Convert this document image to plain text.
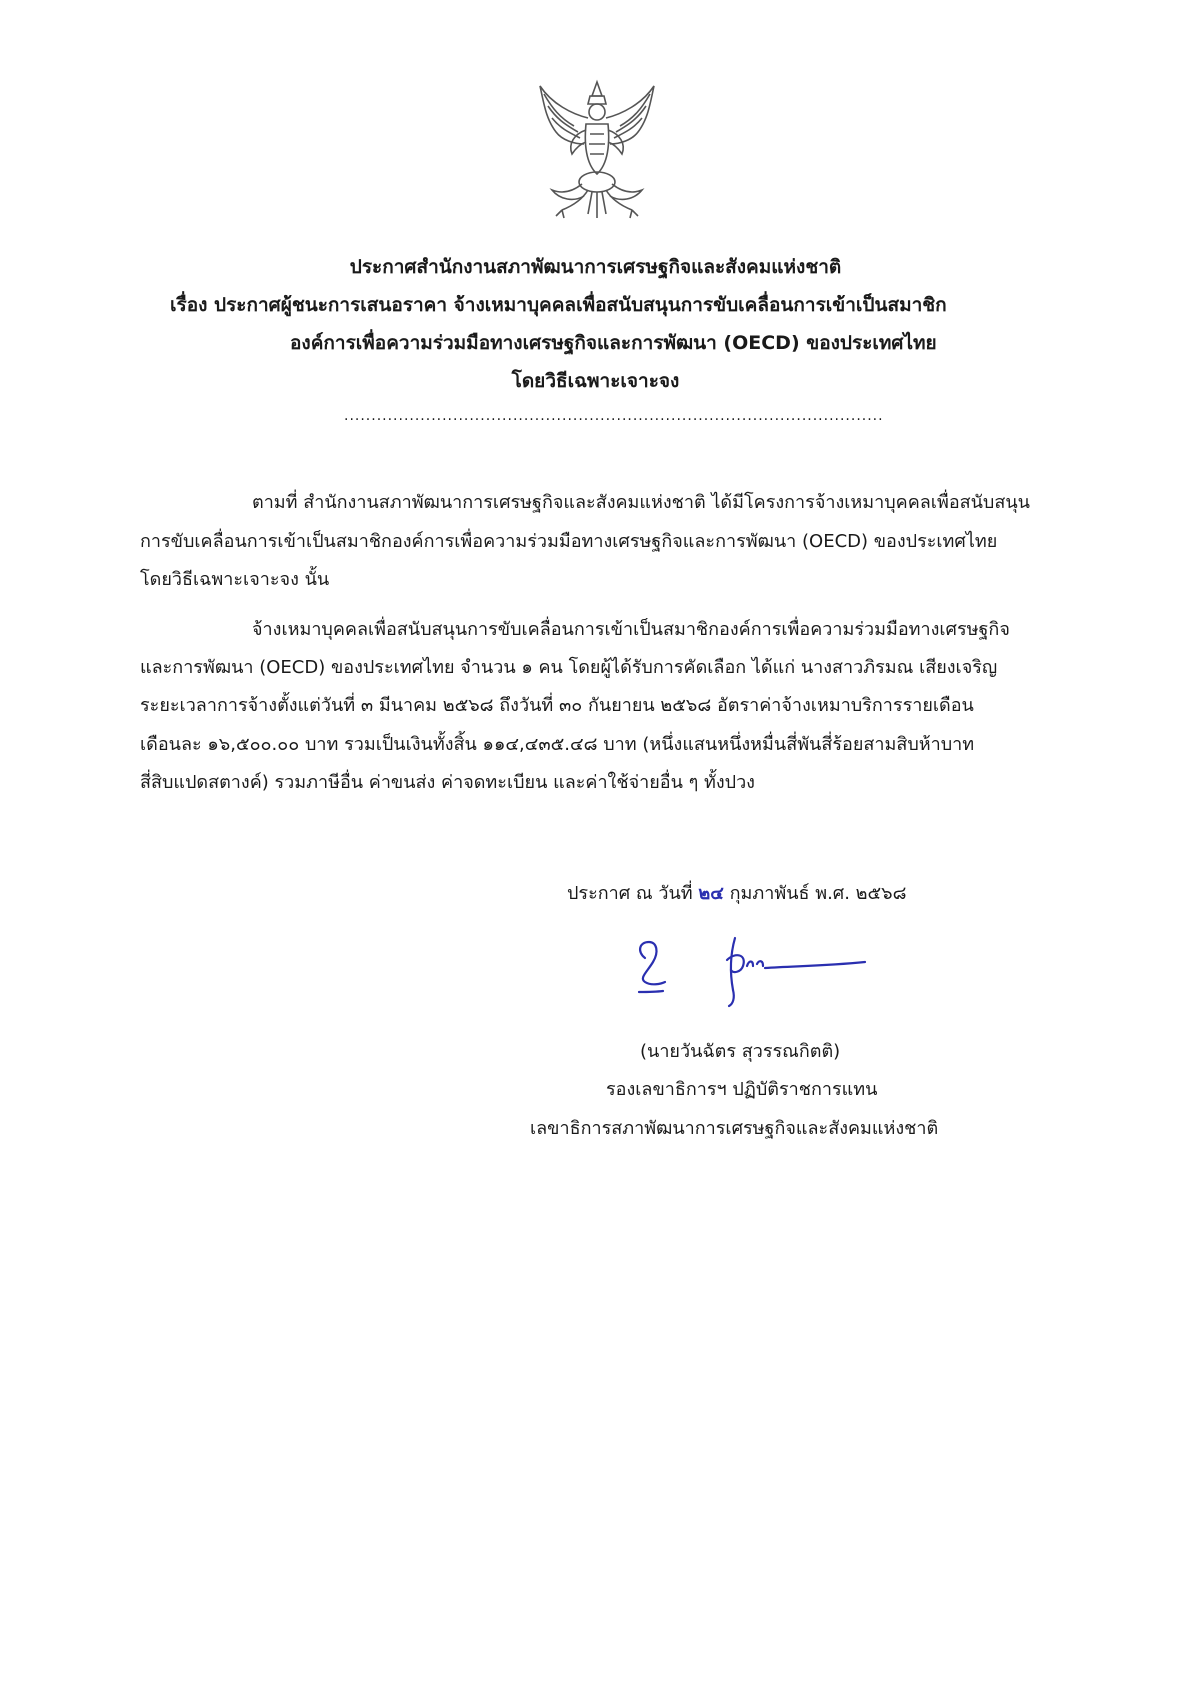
ประกาศสำนักงานสภาพัฒนาการเศรษฐกิจและสังคมแห่งชาติ
เรื่อง ประกาศผู้ชนะการเสนอราคา จ้างเหมาบุคคลเพื่อสนับสนุนการขับเคลื่อนการเข้าเป็นสมาชิก
องค์การเพื่อความร่วมมือทางเศรษฐกิจและการพัฒนา (OECD) ของประเทศไทย
โดยวิธีเฉพาะเจาะจง
...................................................................................................
ตามที่ สำนักงานสภาพัฒนาการเศรษฐกิจและสังคมแห่งชาติ ได้มีโครงการจ้างเหมาบุคคลเพื่อสนับสนุน
การขับเคลื่อนการเข้าเป็นสมาชิกองค์การเพื่อความร่วมมือทางเศรษฐกิจและการพัฒนา (OECD) ของประเทศไทย
โดยวิธีเฉพาะเจาะจง นั้น
จ้างเหมาบุคคลเพื่อสนับสนุนการขับเคลื่อนการเข้าเป็นสมาชิกองค์การเพื่อความร่วมมือทางเศรษฐกิจ
และการพัฒนา (OECD) ของประเทศไทย จำนวน ๑ คน โดยผู้ได้รับการคัดเลือก ได้แก่ นางสาวภิรมณ เสียงเจริญ
ระยะเวลาการจ้างตั้งแต่วันที่ ๓ มีนาคม ๒๕๖๘ ถึงวันที่ ๓๐ กันยายน ๒๕๖๘ อัตราค่าจ้างเหมาบริการรายเดือน
เดือนละ ๑๖,๕๐๐.๐๐ บาท รวมเป็นเงินทั้งสิ้น ๑๑๔,๔๓๕.๔๘ บาท (หนึ่งแสนหนึ่งหมื่นสี่พันสี่ร้อยสามสิบห้าบาท
สี่สิบแปดสตางค์) รวมภาษีอื่น ค่าขนส่ง ค่าจดทะเบียน และค่าใช้จ่ายอื่น ๆ ทั้งปวง
ประกาศ ณ วันที่ ๒๔ กุมภาพันธ์ พ.ศ. ๒๕๖๘
(นายวันฉัตร สุวรรณกิตติ)
รองเลขาธิการฯ ปฏิบัติราชการแทน
เลขาธิการสภาพัฒนาการเศรษฐกิจและสังคมแห่งชาติ
